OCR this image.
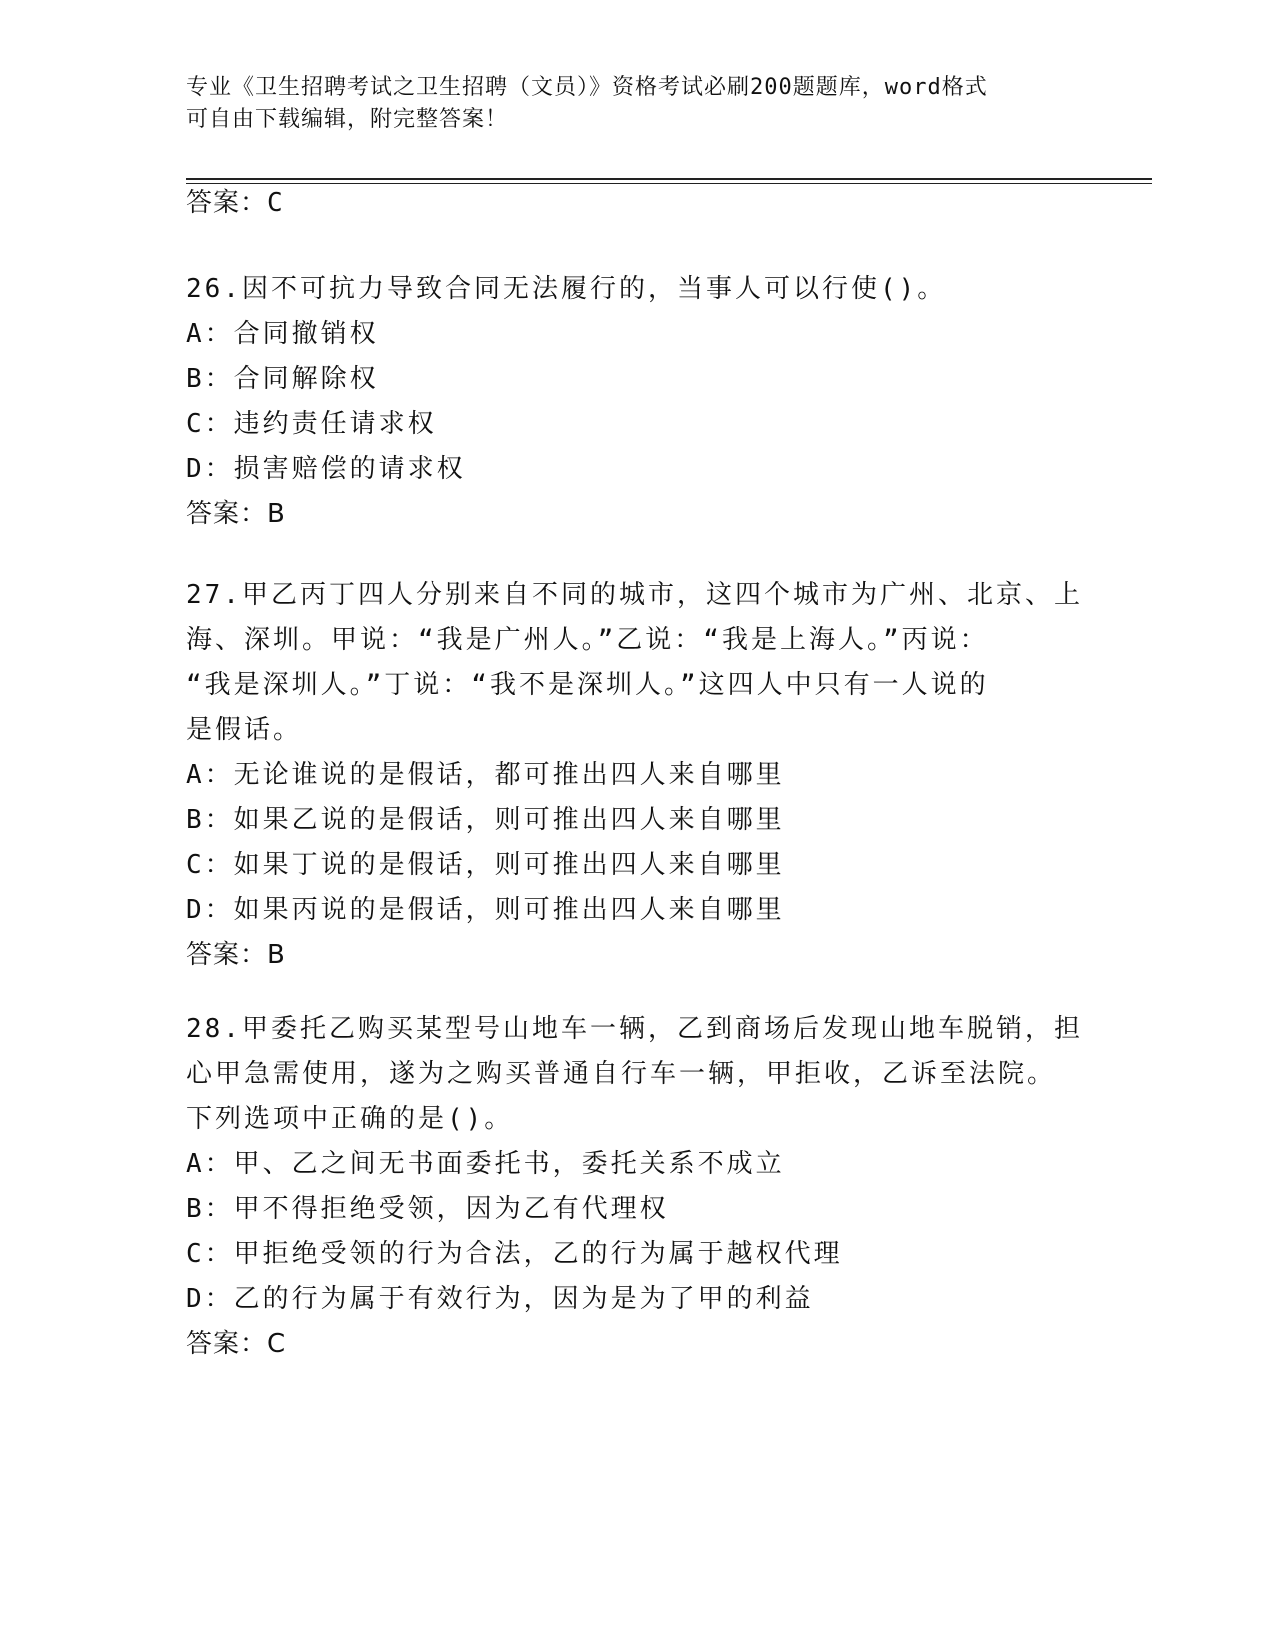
专业《卫生招聘考试之卫生招聘（文员）》资格考试必刷200题题库，word格式
可自由下载编辑，附完整答案！
答案：C

26.因不可抗力导致合同无法履行的，当事人可以行使()。

A：合同撤销权

B：合同解除权

C：违约责任请求权

D：损害赔偿的请求权

答案：B

27.甲乙丙丁四人分别来自不同的城市，这四个城市为广州、北京、上

海、深圳。甲说：“我是广州人。”乙说：“我是上海人。”丙说：

“我是深圳人。”丁说：“我不是深圳人。”这四人中只有一人说的

是假话。

A：无论谁说的是假话，都可推出四人来自哪里

B：如果乙说的是假话，则可推出四人来自哪里

C：如果丁说的是假话，则可推出四人来自哪里

D：如果丙说的是假话，则可推出四人来自哪里

答案：B

28.甲委托乙购买某型号山地车一辆，乙到商场后发现山地车脱销，担

心甲急需使用，遂为之购买普通自行车一辆，甲拒收，乙诉至法院。

下列选项中正确的是()。

A：甲、乙之间无书面委托书，委托关系不成立

B：甲不得拒绝受领，因为乙有代理权

C：甲拒绝受领的行为合法，乙的行为属于越权代理

D：乙的行为属于有效行为，因为是为了甲的利益

答案：C
